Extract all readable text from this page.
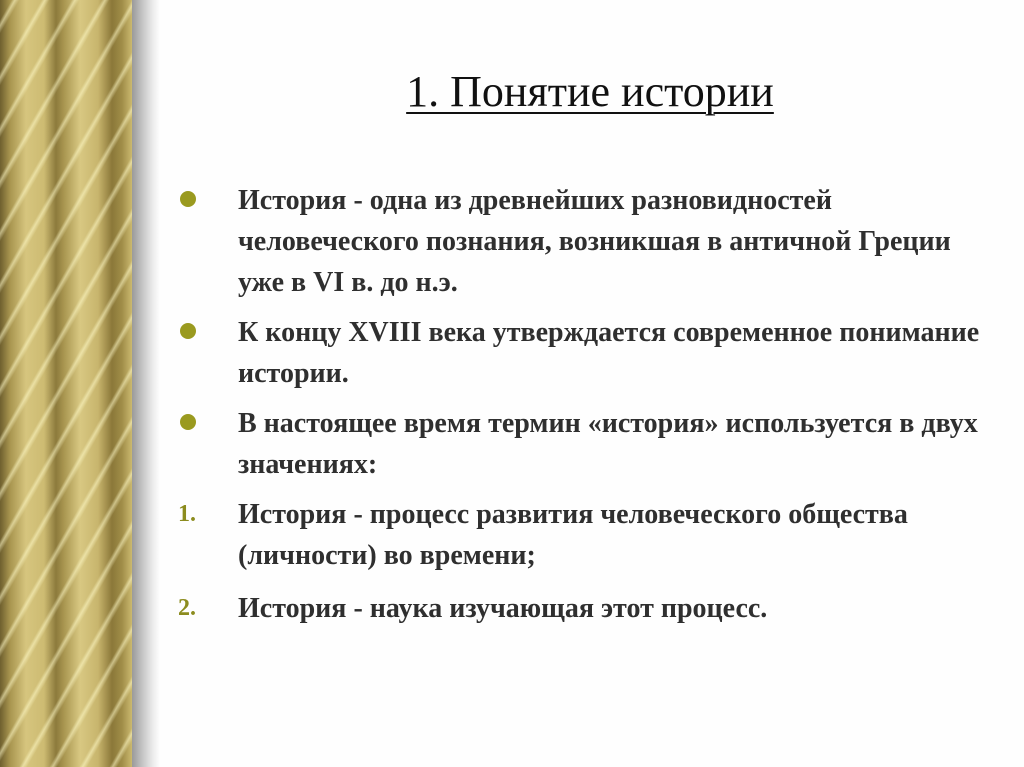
1. Понятие истории
История - одна из древнейших разновидностей человеческого познания, возникшая в античной Греции уже в VI в. до н.э.
К концу XVIII века утверждается современное понимание истории.
В настоящее время термин «история» используется в двух значениях:
1. История - процесс развития человеческого общества (личности) во времени;
2. История - наука изучающая этот процесс.
